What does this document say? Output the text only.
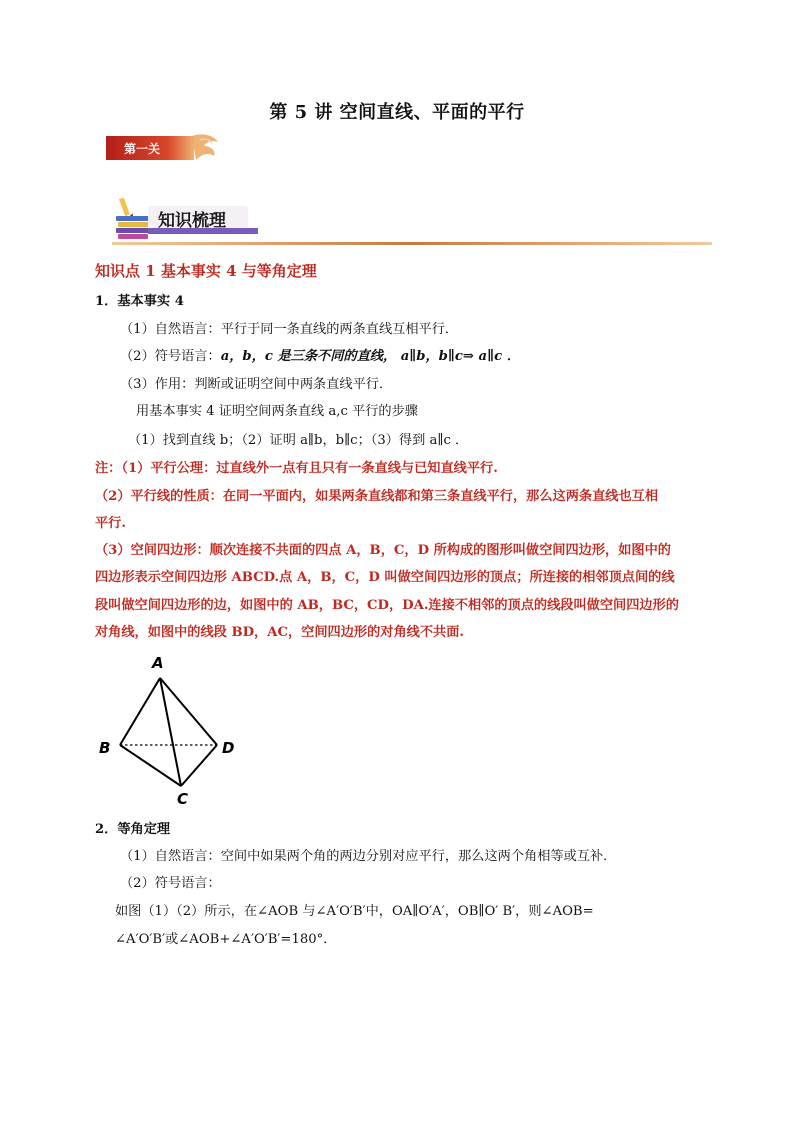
第 5 讲 空间直线、平面的平行
第一关
知识梳理
知识点 1 基本事实 4 与等角定理
1．基本事实 4
（1）自然语言：平行于同一条直线的两条直线互相平行．
（2）符号语言：a，b，c 是三条不同的直线， a∥b，b∥c⇒ a∥c ．
（3）作用：判断或证明空间中两条直线平行．
用基本事实 4 证明空间两条直线 a,c 平行的步骤
（1）找到直线 b；（2）证明 a∥b，b∥c；（3）得到 a∥c ．
注：（1）平行公理：过直线外一点有且只有一条直线与已知直线平行.
（2）平行线的性质：在同一平面内，如果两条直线都和第三条直线平行，那么这两条直线也互相
平行.
（3）空间四边形：顺次连接不共面的四点 A，B，C，D 所构成的图形叫做空间四边形，如图中的
四边形表示空间四边形 ABCD.点 A，B，C，D 叫做空间四边形的顶点；所连接的相邻顶点间的线
段叫做空间四边形的边，如图中的 AB，BC，CD，DA.连接不相邻的顶点的线段叫做空间四边形的
对角线，如图中的线段 BD，AC，空间四边形的对角线不共面.
A
B	D
C
2．等角定理
（1）自然语言：空间中如果两个角的两边分别对应平行，那么这两个角相等或互补．
（2）符号语言：
如图（1）（2）所示，在∠AOB 与∠A′O′B′中，OA∥O′A′，OB∥O′ B′，则∠AOB=
∠A′O′B′或∠AOB+∠A′O′B′=180°．
